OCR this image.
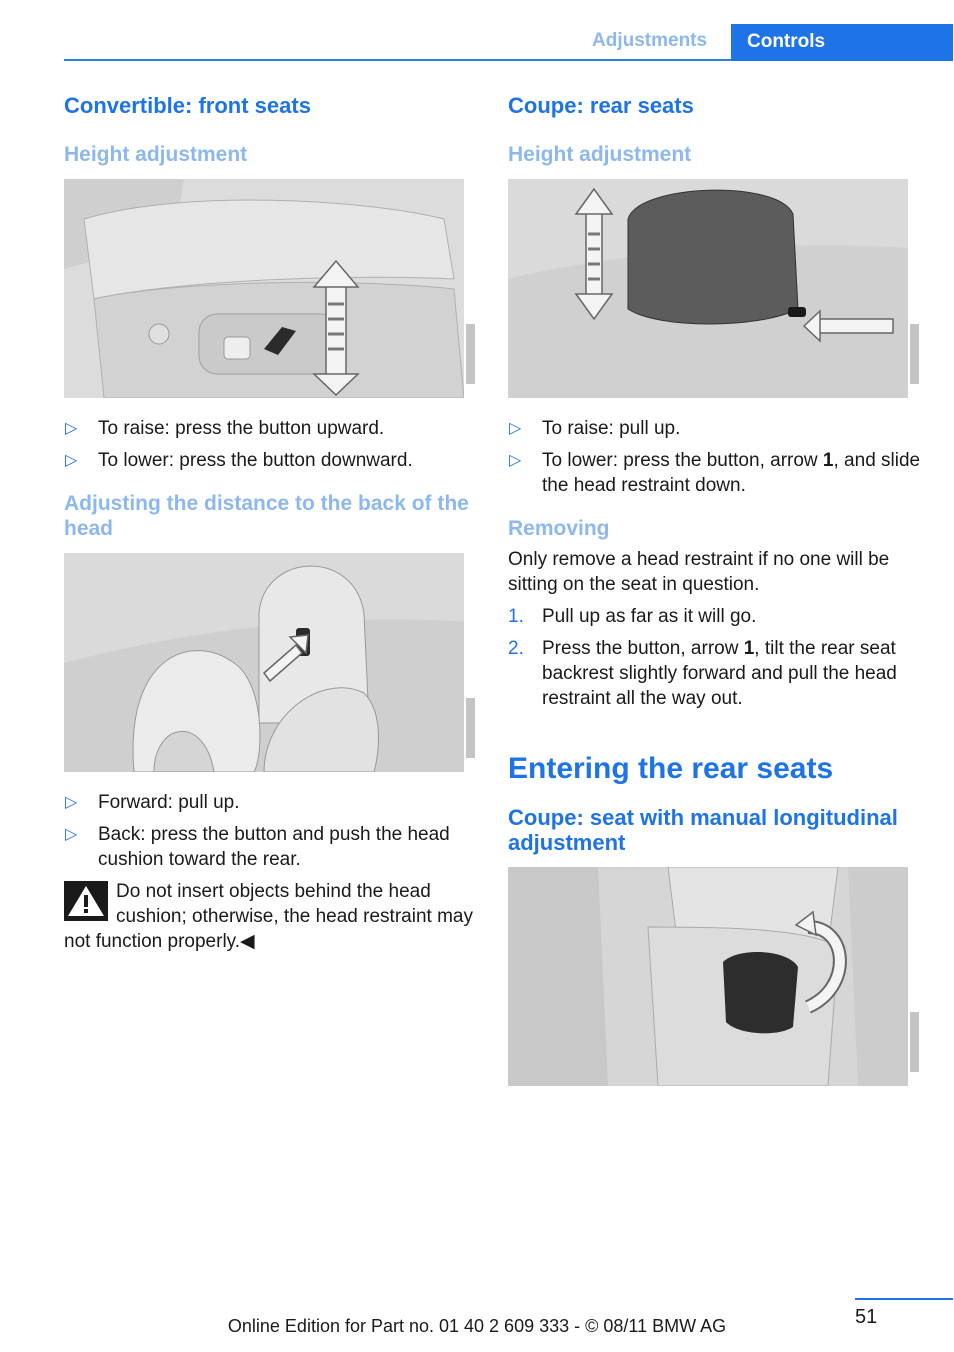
Adjustments	Controls
Convertible: front seats
Height adjustment
▷ To raise: press the button upward.
▷ To lower: press the button downward.
Adjusting the distance to the back of the head
▷ Forward: pull up.
▷ Back: press the button and push the head cushion toward the rear.
Do not insert objects behind the head cushion; otherwise, the head restraint may not function properly.◀
Coupe: rear seats
Height adjustment
▷ To raise: pull up.
▷ To lower: press the button, arrow 1, and slide the head restraint down.
Removing

Only remove a head restraint if no one will be sitting on the seat in question.

1. Pull up as far as it will go.
2. Press the button, arrow 1, tilt the rear seat backrest slightly forward and pull the head restraint all the way out.
Entering the rear seats
Coupe: seat with manual longitudinal adjustment
51
Online Edition for Part no. 01 40 2 609 333 - © 08/11 BMW AG
